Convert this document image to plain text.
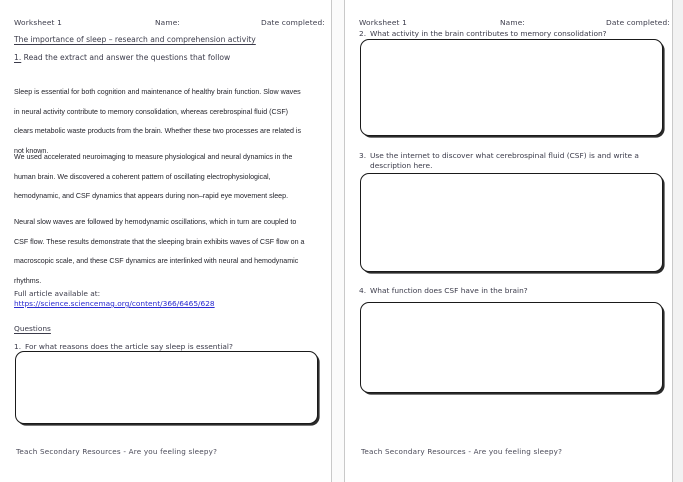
Worksheet 1	Name:	Date completed:
The importance of sleep – research and comprehension activity
1. Read the extract and answer the questions that follow
Sleep is essential for both cognition and maintenance of healthy brain function. Slow waves in neural activity contribute to memory consolidation, whereas cerebrospinal fluid (CSF) clears metabolic waste products from the brain. Whether these two processes are related is not known.
We used accelerated neuroimaging to measure physiological and neural dynamics in the human brain. We discovered a coherent pattern of oscillating electrophysiological, hemodynamic, and CSF dynamics that appears during non–rapid eye movement sleep.
Neural slow waves are followed by hemodynamic oscillations, which in turn are coupled to CSF flow. These results demonstrate that the sleeping brain exhibits waves of CSF flow on a macroscopic scale, and these CSF dynamics are interlinked with neural and hemodynamic rhythms.
Full article available at:
https://science.sciencemag.org/content/366/6465/628
Questions
1. For what reasons does the article say sleep is essential?
Teach Secondary Resources - Are you feeling sleepy?
Worksheet 1	Name:	Date completed:
2. What activity in the brain contributes to memory consolidation?
3. Use the internet to discover what cerebrospinal fluid (CSF) is and write a description here.
4. What function does CSF have in the brain?
Teach Secondary Resources - Are you feeling sleepy?
